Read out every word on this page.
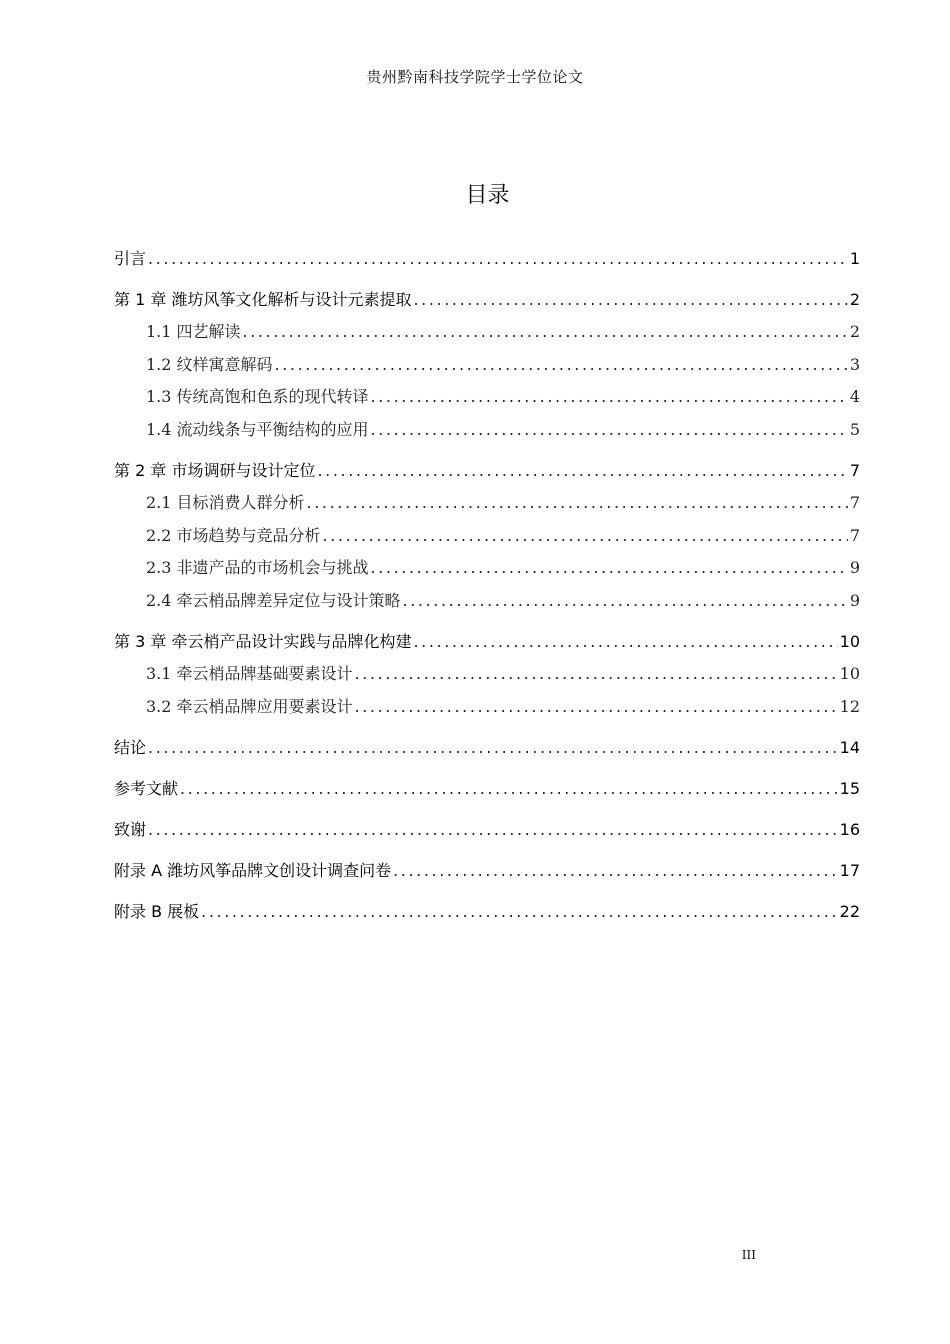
贵州黔南科技学院学士学位论文
目录
引言 .....	1
第 1 章 潍坊风筝文化解析与设计元素提取 .....	2
1.1 四艺解读 .....	2
1.2 纹样寓意解码 .....	3
1.3 传统高饱和色系的现代转译 .....	4
1.4 流动线条与平衡结构的应用 .....	5
第 2 章 市场调研与设计定位 .....	7
2.1 目标消费人群分析 .....	7
2.2 市场趋势与竞品分析 .....	7
2.3 非遗产品的市场机会与挑战 .....	9
2.4 牵云梢品牌差异定位与设计策略 .....	9
第 3 章 牵云梢产品设计实践与品牌化构建 .....	10
3.1 牵云梢品牌基础要素设计 .....	10
3.2 牵云梢品牌应用要素设计 .....	12
结论 .....	14
参考文献 .....	15
致谢 .....	16
附录 A 潍坊风筝品牌文创设计调查问卷 .....	17
附录 B 展板 .....	22
III
